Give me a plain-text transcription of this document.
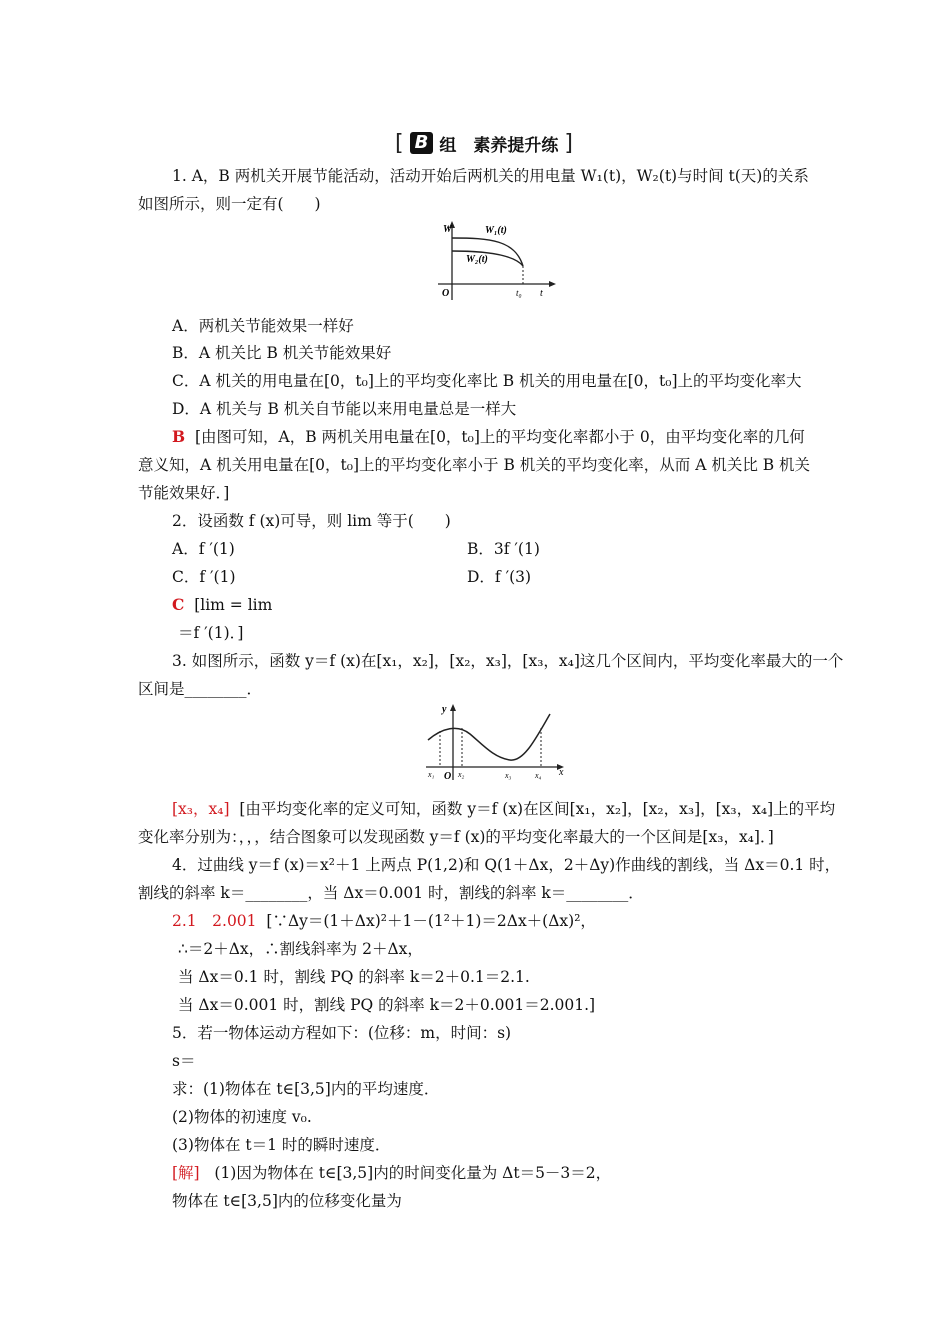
[ B 组　素养提升练 ]
1. A，B 两机关开展节能活动，活动开始后两机关的用电量 W₁(t)，W₂(t)与时间 t(天)的关系
如图所示，则一定有(　　)
W	W₁(t)
W₂(t)
O	t₀ t
A．两机关节能效果一样好
B．A 机关比 B 机关节能效果好
C．A 机关的用电量在[0，t₀]上的平均变化率比 B 机关的用电量在[0，t₀]上的平均变化率大
D．A 机关与 B 机关自节能以来用电量总是一样大
B [由图可知，A，B 两机关用电量在[0，t₀]上的平均变化率都小于 0，由平均变化率的几何
意义知，A 机关用电量在[0，t₀]上的平均变化率小于 B 机关的平均变化率，从而 A 机关比 B 机关
节能效果好．]
2．设函数 f (x)可导，则 lim 等于(　　)
A．f ′(1)	B．3f ′(1)
C．f ′(1)	D．f ′(3)
C [lim = lim
＝f ′(1)．]
3. 如图所示，函数 y＝f (x)在[x₁，x₂]，[x₂，x₃]，[x₃，x₄]这几个区间内，平均变化率最大的一个
区间是________．
y
x₁ O x₂	x₃	x₄ x
[x₃，x₄] [由平均变化率的定义可知，函数 y＝f (x)在区间[x₁，x₂]，[x₂，x₃]，[x₃，x₄]上的平均
变化率分别为：，，，结合图象可以发现函数 y＝f (x)的平均变化率最大的一个区间是[x₃，x₄]．]
4．过曲线 y＝f (x)＝x²＋1 上两点 P(1,2)和 Q(1＋Δx，2＋Δy)作曲线的割线，当 Δx＝0.1 时，
割线的斜率 k＝________，当 Δx＝0.001 时，割线的斜率 k＝________．
2.1　2.001 [∵Δy＝(1＋Δx)²＋1－(1²＋1)＝2Δx＋(Δx)²，
∴＝2＋Δx，∴割线斜率为 2＋Δx，
当 Δx＝0.1 时，割线 PQ 的斜率 k＝2＋0.1＝2.1.
当 Δx＝0.001 时，割线 PQ 的斜率 k＝2＋0.001＝2.001.]
5．若一物体运动方程如下：(位移：m，时间：s)
s＝
求：(1)物体在 t∈[3,5]内的平均速度．
(2)物体的初速度 v₀.
(3)物体在 t＝1 时的瞬时速度．
[解] (1)因为物体在 t∈[3,5]内的时间变化量为 Δt＝5－3＝2，
物体在 t∈[3,5]内的位移变化量为
